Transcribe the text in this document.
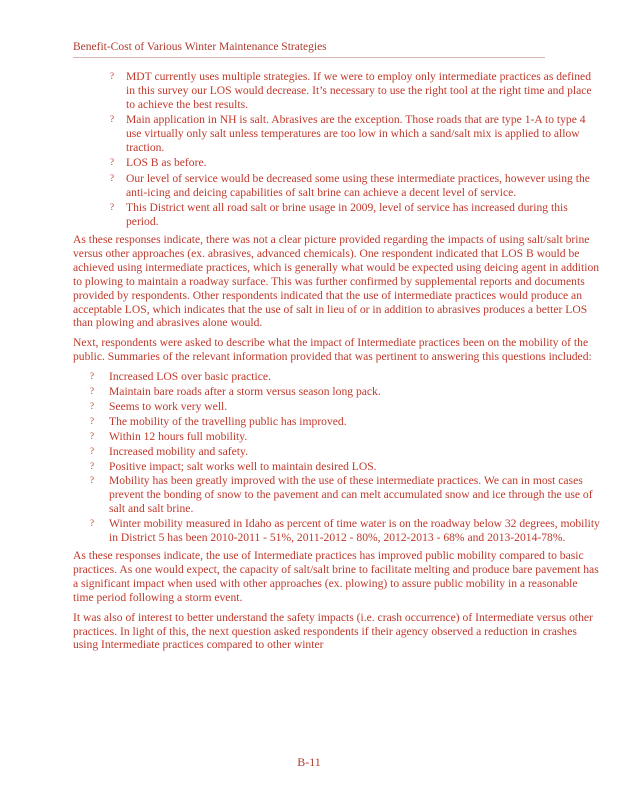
Benefit-Cost of Various Winter Maintenance Strategies
? MDT currently uses multiple strategies. If we were to employ only intermediate practices as defined in this survey our LOS would decrease. It’s necessary to use the right tool at the right time and place to achieve the best results.
? Main application in NH is salt. Abrasives are the exception. Those roads that are type 1-A to type 4 use virtually only salt unless temperatures are too low in which a sand/salt mix is applied to allow traction.
? LOS B as before.
? Our level of service would be decreased some using these intermediate practices, however using the anti-icing and deicing capabilities of salt brine can achieve a decent level of service.
? This District went all road salt or brine usage in 2009, level of service has increased during this period.

As these responses indicate, there was not a clear picture provided regarding the impacts of using salt/salt brine versus other approaches (ex. abrasives, advanced chemicals). One respondent indicated that LOS B would be achieved using intermediate practices, which is generally what would be expected using deicing agent in addition to plowing to maintain a roadway surface. This was further confirmed by supplemental reports and documents provided by respondents. Other respondents indicated that the use of intermediate practices would produce an acceptable LOS, which indicates that the use of salt in lieu of or in addition to abrasives produces a better LOS than plowing and abrasives alone would.

Next, respondents were asked to describe what the impact of Intermediate practices been on the mobility of the public. Summaries of the relevant information provided that was pertinent to answering this questions included:

? Increased LOS over basic practice.
? Maintain bare roads after a storm versus season long pack.
? Seems to work very well.
? The mobility of the travelling public has improved.
? Within 12 hours full mobility.
? Increased mobility and safety.
? Positive impact; salt works well to maintain desired LOS.
? Mobility has been greatly improved with the use of these intermediate practices. We can in most cases prevent the bonding of snow to the pavement and can melt accumulated snow and ice through the use of salt and salt brine.
? Winter mobility measured in Idaho as percent of time water is on the roadway below 32 degrees, mobility in District 5 has been 2010-2011 - 51%, 2011-2012 - 80%, 2012-2013 - 68% and 2013-2014-78%.

As these responses indicate, the use of Intermediate practices has improved public mobility compared to basic practices. As one would expect, the capacity of salt/salt brine to facilitate melting and produce bare pavement has a significant impact when used with other approaches (ex. plowing) to assure public mobility in a reasonable time period following a storm event.

It was also of interest to better understand the safety impacts (i.e. crash occurrence) of Intermediate versus other practices. In light of this, the next question asked respondents if their agency observed a reduction in crashes using Intermediate practices compared to other winter

B-11
